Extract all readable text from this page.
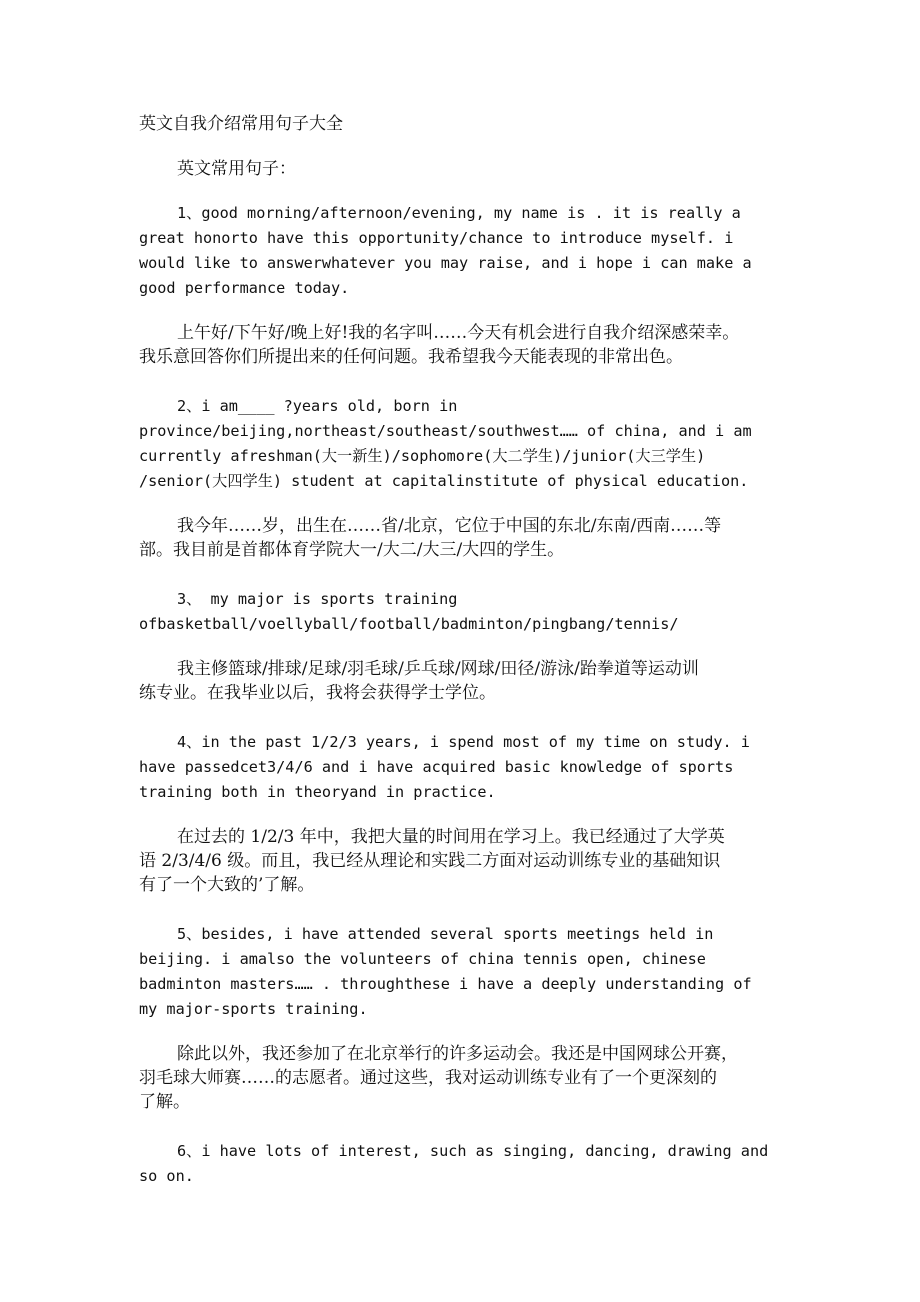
英文自我介绍常用句子大全

英文常用句子：

1、good morning/afternoon/evening, my name is . it is really a
great honorto have this opportunity/chance to introduce myself. i
would like to answerwhatever you may raise, and i hope i can make a
good performance today.

上午好/下午好/晚上好!我的名字叫……今天有机会进行自我介绍深感荣幸。
我乐意回答你们所提出来的任何问题。我希望我今天能表现的非常出色。

2、i am____ ?years old, born in
province/beijing,northeast/southeast/southwest…… of china, and i am
currently afreshman(大一新生)/sophomore(大二学生)/junior(大三学生)
/senior(大四学生) student at capitalinstitute of physical education.

我今年……岁，出生在……省/北京，它位于中国的东北/东南/西南……等
部。我目前是首都体育学院大一/大二/大三/大四的学生。

3、 my major is sports training
ofbasketball/voellyball/football/badminton/pingbang/tennis/

我主修篮球/排球/足球/羽毛球/乒乓球/网球/田径/游泳/跆拳道等运动训
练专业。在我毕业以后，我将会获得学士学位。

4、in the past 1/2/3 years, i spend most of my time on study. i
have passedcet3/4/6 and i have acquired basic knowledge of sports
training both in theoryand in practice.

在过去的 1/2/3 年中，我把大量的时间用在学习上。我已经通过了大学英
语 2/3/4/6 级。而且，我已经从理论和实践二方面对运动训练专业的基础知识
有了一个大致的’了解。

5、besides, i have attended several sports meetings held in
beijing. i amalso the volunteers of china tennis open, chinese
badminton masters…… . throughthese i have a deeply understanding of
my major-sports training.

除此以外，我还参加了在北京举行的许多运动会。我还是中国网球公开赛，
羽毛球大师赛……的志愿者。通过这些，我对运动训练专业有了一个更深刻的
了解。

6、i have lots of interest, such as singing, dancing, drawing and
so on.
